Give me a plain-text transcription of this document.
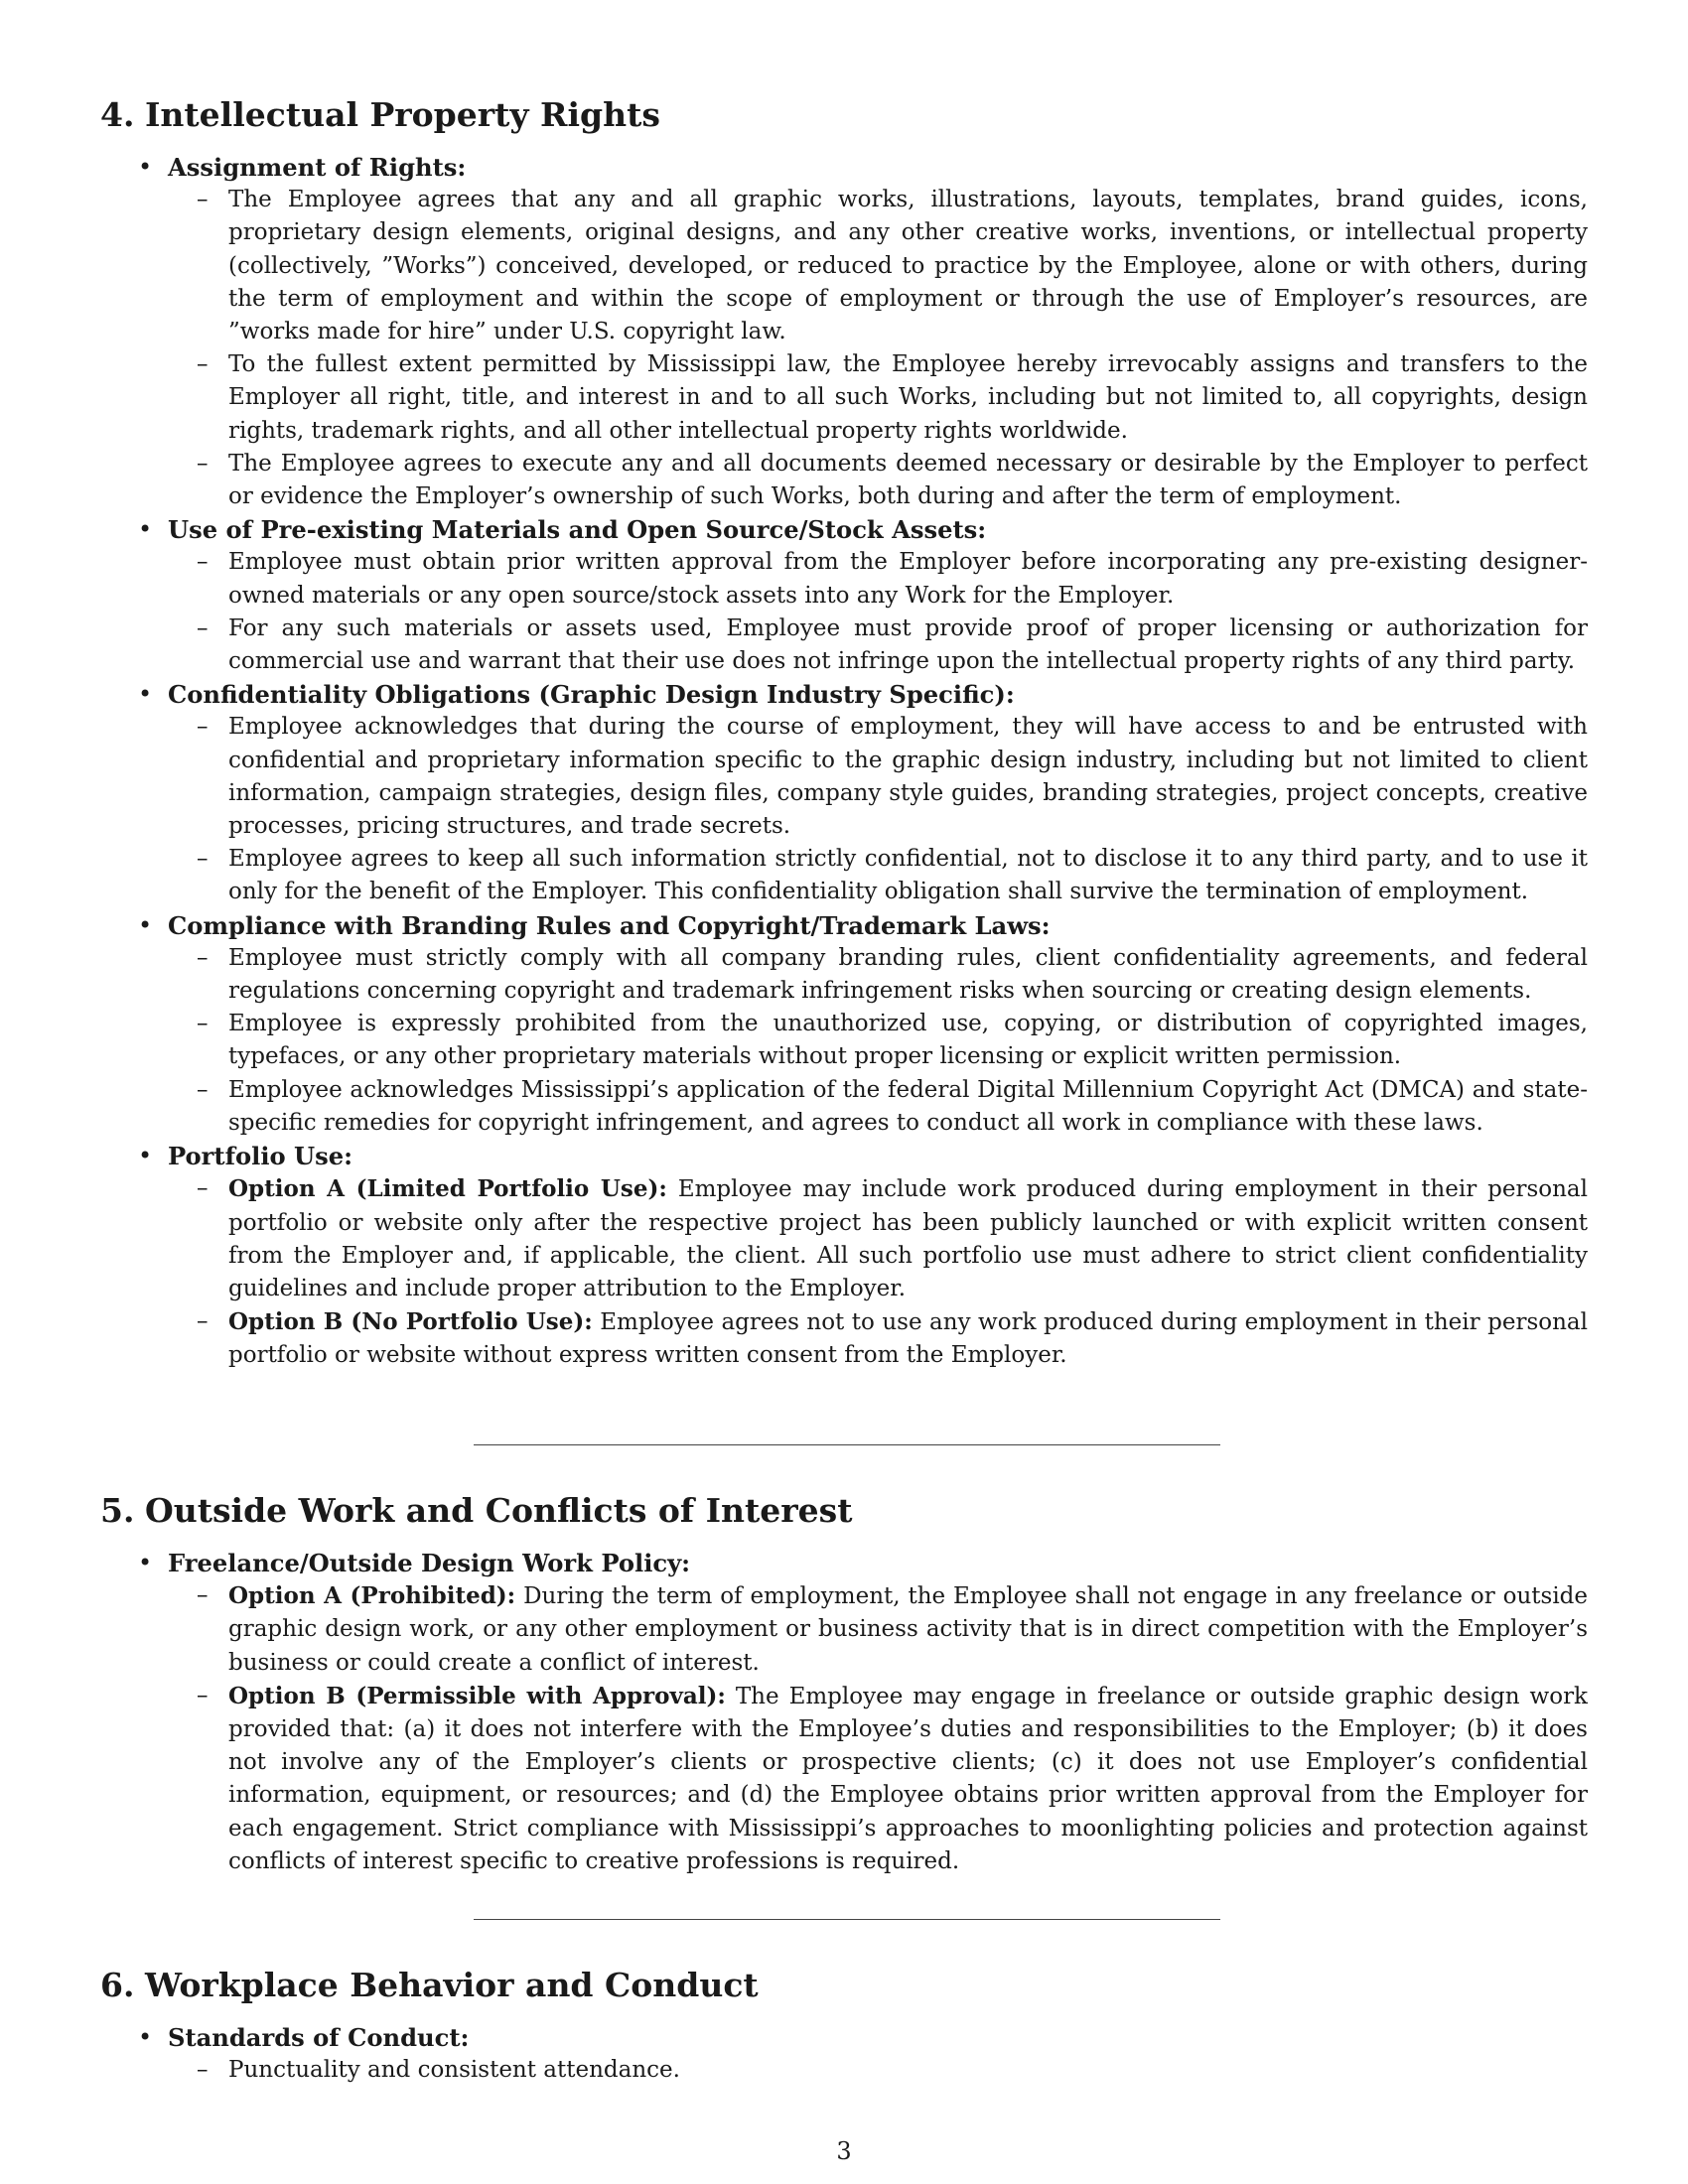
4. Intellectual Property Rights
• Assignment of Rights:
– The Employee agrees that any and all graphic works, illustrations, layouts, templates, brand guides, icons, proprietary design elements, original designs, and any other creative works, inventions, or intellectual property (collectively, ”Works”) conceived, developed, or reduced to practice by the Employee, alone or with others, during the term of employment and within the scope of employment or through the use of Employer’s resources, are ”works made for hire” under U.S. copyright law.
– To the fullest extent permitted by Mississippi law, the Employee hereby irrevocably assigns and transfers to the Employer all right, title, and interest in and to all such Works, including but not limited to, all copyrights, design rights, trademark rights, and all other intellectual property rights worldwide.
– The Employee agrees to execute any and all documents deemed necessary or desirable by the Employer to perfect or evidence the Employer’s ownership of such Works, both during and after the term of employment.
• Use of Pre-existing Materials and Open Source/Stock Assets:
– Employee must obtain prior written approval from the Employer before incorporating any pre-existing designer-owned materials or any open source/stock assets into any Work for the Employer.
– For any such materials or assets used, Employee must provide proof of proper licensing or authorization for commercial use and warrant that their use does not infringe upon the intellectual property rights of any third party.
• Confidentiality Obligations (Graphic Design Industry Specific):
– Employee acknowledges that during the course of employment, they will have access to and be entrusted with confidential and proprietary information specific to the graphic design industry, including but not limited to client information, campaign strategies, design files, company style guides, branding strategies, project concepts, creative processes, pricing structures, and trade secrets.
– Employee agrees to keep all such information strictly confidential, not to disclose it to any third party, and to use it only for the benefit of the Employer. This confidentiality obligation shall survive the termination of employment.
• Compliance with Branding Rules and Copyright/Trademark Laws:
– Employee must strictly comply with all company branding rules, client confidentiality agreements, and federal regulations concerning copyright and trademark infringement risks when sourcing or creating design elements.
– Employee is expressly prohibited from the unauthorized use, copying, or distribution of copyrighted images, typefaces, or any other proprietary materials without proper licensing or explicit written permission.
– Employee acknowledges Mississippi’s application of the federal Digital Millennium Copyright Act (DMCA) and state-specific remedies for copyright infringement, and agrees to conduct all work in compliance with these laws.
• Portfolio Use:
– Option A (Limited Portfolio Use): Employee may include work produced during employment in their personal portfolio or website only after the respective project has been publicly launched or with explicit written consent from the Employer and, if applicable, the client. All such portfolio use must adhere to strict client confidentiality guidelines and include proper attribution to the Employer.
– Option B (No Portfolio Use): Employee agrees not to use any work produced during employment in their personal portfolio or website without express written consent from the Employer.
5. Outside Work and Conflicts of Interest
• Freelance/Outside Design Work Policy:
– Option A (Prohibited): During the term of employment, the Employee shall not engage in any freelance or outside graphic design work, or any other employment or business activity that is in direct competition with the Employer’s business or could create a conflict of interest.
– Option B (Permissible with Approval): The Employee may engage in freelance or outside graphic design work provided that: (a) it does not interfere with the Employee’s duties and responsibilities to the Employer; (b) it does not involve any of the Employer’s clients or prospective clients; (c) it does not use Employer’s confidential information, equipment, or resources; and (d) the Employee obtains prior written approval from the Employer for each engagement. Strict compliance with Mississippi’s approaches to moonlighting policies and protection against conflicts of interest specific to creative professions is required.
6. Workplace Behavior and Conduct
• Standards of Conduct:
– Punctuality and consistent attendance.
3
